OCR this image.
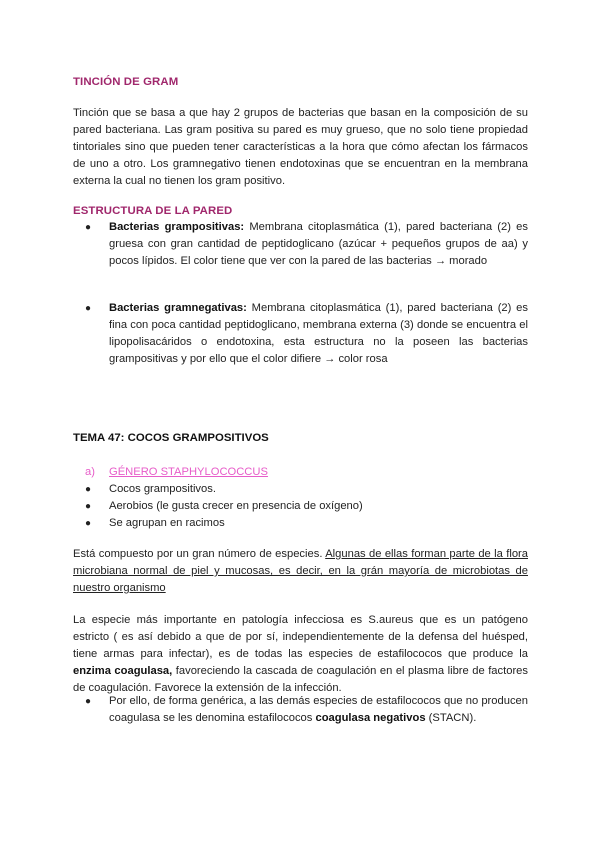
TINCIÓN DE GRAM

Tinción que se basa a que hay 2 grupos de bacterias que basan en la composición de su pared bacteriana. Las gram positiva su pared es muy grueso, que no solo tiene propiedad tintoriales sino que pueden tener características a la hora que cómo afectan los fármacos de uno a otro. Los gramnegativo tienen endotoxinas que se encuentran en la membrana externa la cual no tienen los gram positivo.

ESTRUCTURA DE LA PARED
● Bacterias grampositivas: Membrana citoplasmática (1), pared bacteriana (2) es gruesa con gran cantidad de peptidoglicano (azúcar + pequeños grupos de aa) y pocos lípidos. El color tiene que ver con la pared de las bacterias → morado
● Bacterias gramnegativas: Membrana citoplasmática (1), pared bacteriana (2) es fina con poca cantidad peptidoglicano, membrana externa (3) donde se encuentra el lipopolisacáridos o endotoxina, esta estructura no la poseen las bacterias grampositivas y por ello que el color difiere → color rosa
TEMA 47: COCOS GRAMPOSITIVOS
a) GÉNERO STAPHYLOCOCCUS
● Cocos grampositivos.
● Aerobios (le gusta crecer en presencia de oxígeno)
● Se agrupan en racimos

Está compuesto por un gran número de especies. Algunas de ellas forman parte de la flora microbiana normal de piel y mucosas, es decir, en la grán mayoría de microbiotas de nuestro organismo

La especie más importante en patología infecciosa es S.aureus que es un patógeno estricto ( es así debido a que de por sí, independientemente de la defensa del huésped, tiene armas para infectar), es de todas las especies de estafilococos que produce la enzima coagulasa, favoreciendo la cascada de coagulación en el plasma libre de factores de coagulación. Favorece la extensión de la infección.

● Por ello, de forma genérica, a las demás especies de estafilococos que no producen coagulasa se les denomina estafilococos coagulasa negativos (STACN).
